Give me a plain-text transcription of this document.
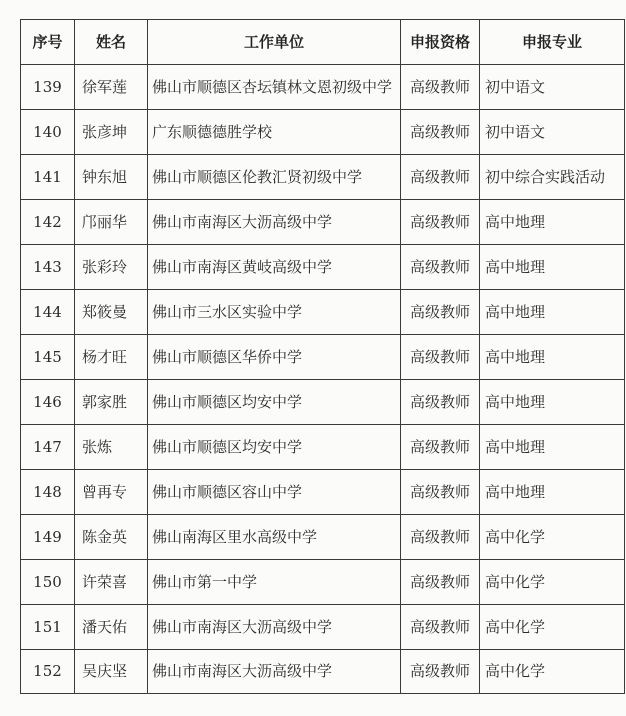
序号	姓名	工作单位	申报资格	申报专业
139	徐军莲	佛山市顺德区杏坛镇林文恩初级中学	高级教师	初中语文
140	张彦坤	广东顺德德胜学校	高级教师	初中语文
141	钟东旭	佛山市顺德区伦教汇贤初级中学	高级教师	初中综合实践活动
142	邝丽华	佛山市南海区大沥高级中学	高级教师	高中地理
143	张彩玲	佛山市南海区黄岐高级中学	高级教师	高中地理
144	郑筱曼	佛山市三水区实验中学	高级教师	高中地理
145	杨才旺	佛山市顺德区华侨中学	高级教师	高中地理
146	郭家胜	佛山市顺德区均安中学	高级教师	高中地理
147	张炼	佛山市顺德区均安中学	高级教师	高中地理
148	曾再专	佛山市顺德区容山中学	高级教师	高中地理
149	陈金英	佛山南海区里水高级中学	高级教师	高中化学
150	许荣喜	佛山市第一中学	高级教师	高中化学
151	潘天佑	佛山市南海区大沥高级中学	高级教师	高中化学
152	吴庆坚	佛山市南海区大沥高级中学	高级教师	高中化学
